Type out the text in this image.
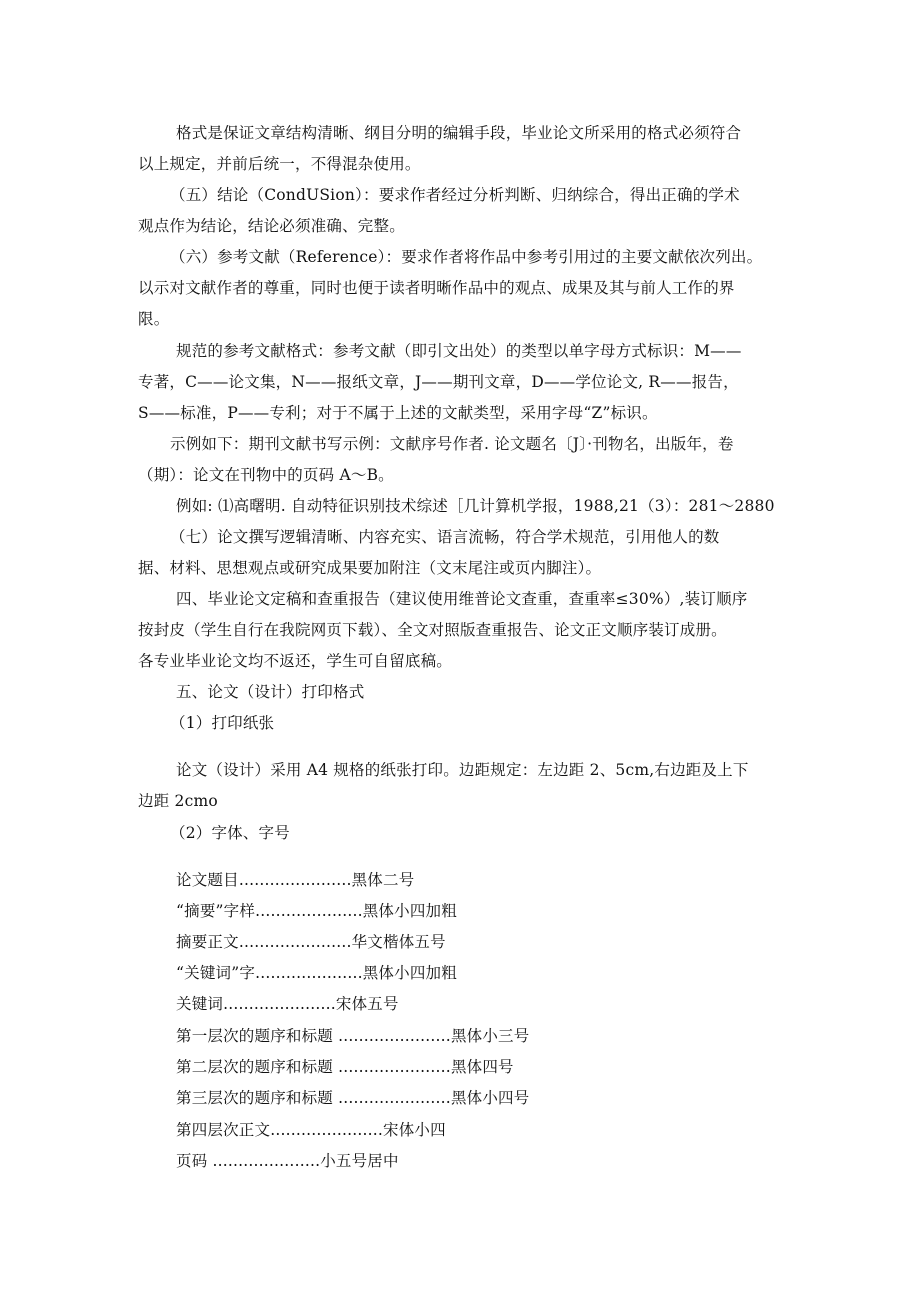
格式是保证文章结构清晰、纲目分明的编辑手段，毕业论文所采用的格式必须符合
以上规定，并前后统一，不得混杂使用。
（五）结论（CondUSion）：要求作者经过分析判断、归纳综合，得出正确的学术
观点作为结论，结论必须准确、完整。
（六）参考文献（Reference）：要求作者将作品中参考引用过的主要文献依次列出。
以示对文献作者的尊重，同时也便于读者明晰作品中的观点、成果及其与前人工作的界
限。
规范的参考文献格式：参考文献（即引文出处）的类型以单字母方式标识：M——
专著，C——论文集，N——报纸文章，J——期刊文章，D——学位论文, R——报告，
S——标准，P——专利；对于不属于上述的文献类型，采用字母“Z”标识。
示例如下：期刊文献书写示例：文献序号作者. 论文题名〔J〕·刊物名，出版年，卷
（期）：论文在刊物中的页码 A～B。
例如: ⑴高曙明. 自动特征识别技术综述［几计算机学报，1988,21（3）：281～2880
（七）论文撰写逻辑清晰、内容充实、语言流畅，符合学术规范，引用他人的数
据、材料、思想观点或研究成果要加附注（文末尾注或页内脚注）。
四、毕业论文定稿和查重报告（建议使用维普论文查重，查重率≤30%）,装订顺序
按封皮（学生自行在我院网页下载）、全文对照版查重报告、论文正文顺序装订成册。
各专业毕业论文均不返还，学生可自留底稿。
五、论文（设计）打印格式
（1）打印纸张
论文（设计）采用 A4 规格的纸张打印。边距规定：左边距 2、5cm,右边距及上下
边距 2cmo
（2）字体、字号
论文题目......................黑体二号
“摘要”字样.....................黑体小四加粗
摘要正文......................华文楷体五号
“关键词”字.....................黑体小四加粗
关键词......................宋体五号
第一层次的题序和标题 ......................黑体小三号
第二层次的题序和标题 ......................黑体四号
第三层次的题序和标题 ......................黑体小四号
第四层次正文......................宋体小四
页码 .....................小五号居中
